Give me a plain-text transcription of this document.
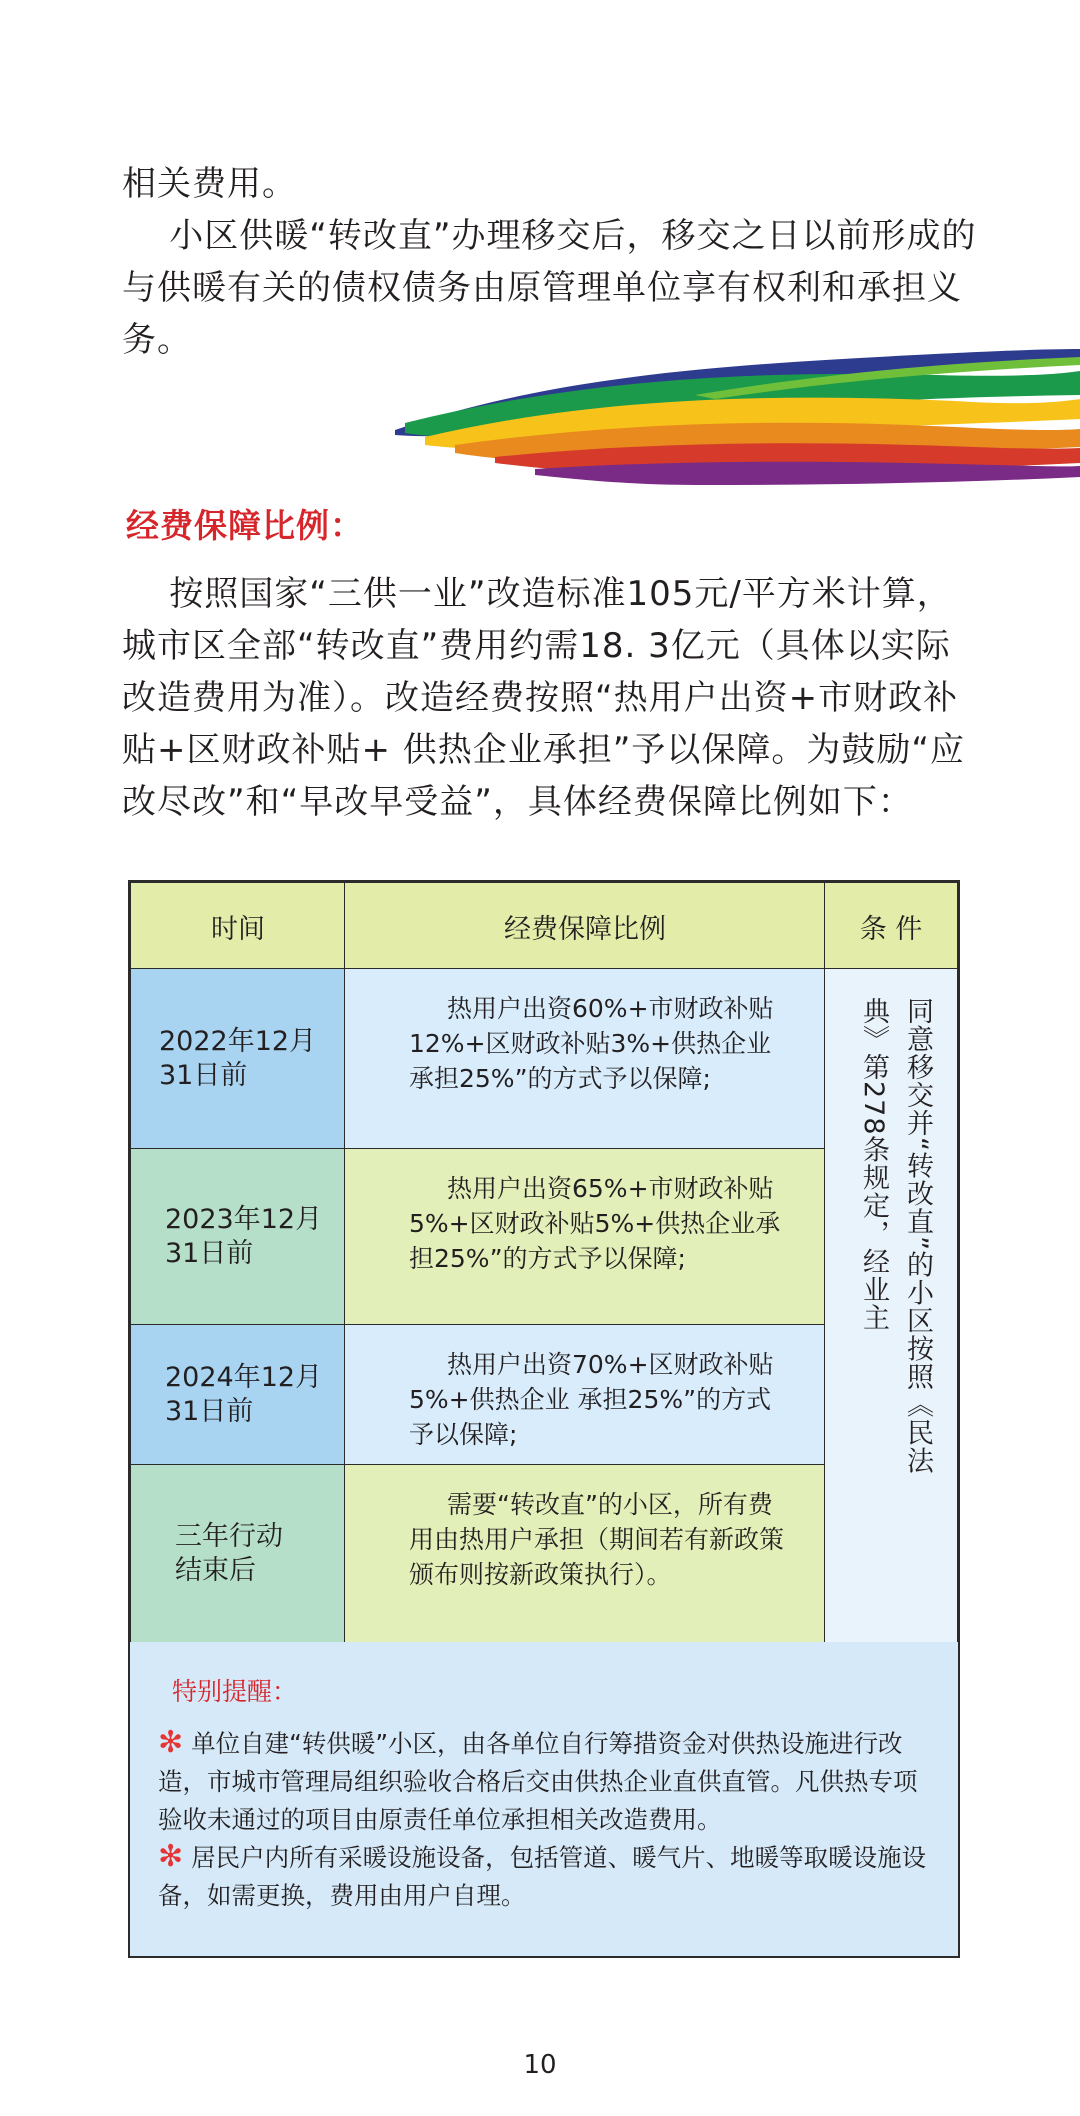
相关费用。
小区供暖“转改直”办理移交后，移交之日以前形成的与供暖有关的债权债务由原管理单位享有权利和承担义务。

经费保障比例：

按照国家“三供一业”改造标准105元/平方米计算，城市区全部“转改直”费用约需18. 3亿元（具体以实际改造费用为准）。改造经费按照“热用户出资+市财政补贴+区财政补贴+ 供热企业承担”予以保障。为鼓励“应改尽改”和“早改早受益”，具体经费保障比例如下：

时间	经费保障比例	条 件
2022年12月
31日前
热用户出资60%+市财政补贴12%+区财政补贴3%+供热企业承担25%”的方式予以保障;
2023年12月
31日前
热用户出资65%+市财政补贴5%+区财政补贴5%+供热企业承担25%”的方式予以保障;
2024年12月
31日前
热用户出资70%+区财政补贴5%+供热企业 承担25%”的方式予以保障;
三年行动
结束后
需要“转改直”的小区，所有费用由热用户承担（期间若有新政策颁布则按新政策执行）。
同意移交并“转改直”的小区按照《民法典》第278条规定，经业主
特别提醒：
✻ 单位自建“转供暖”小区，由各单位自行筹措资金对供热设施进行改造，市城市管理局组织验收合格后交由供热企业直供直管。凡供热专项验收未通过的项目由原责任单位承担相关改造费用。
✻ 居民户内所有采暖设施设备，包括管道、暖气片、地暖等取暖设施设备，如需更换，费用由用户自理。
10
